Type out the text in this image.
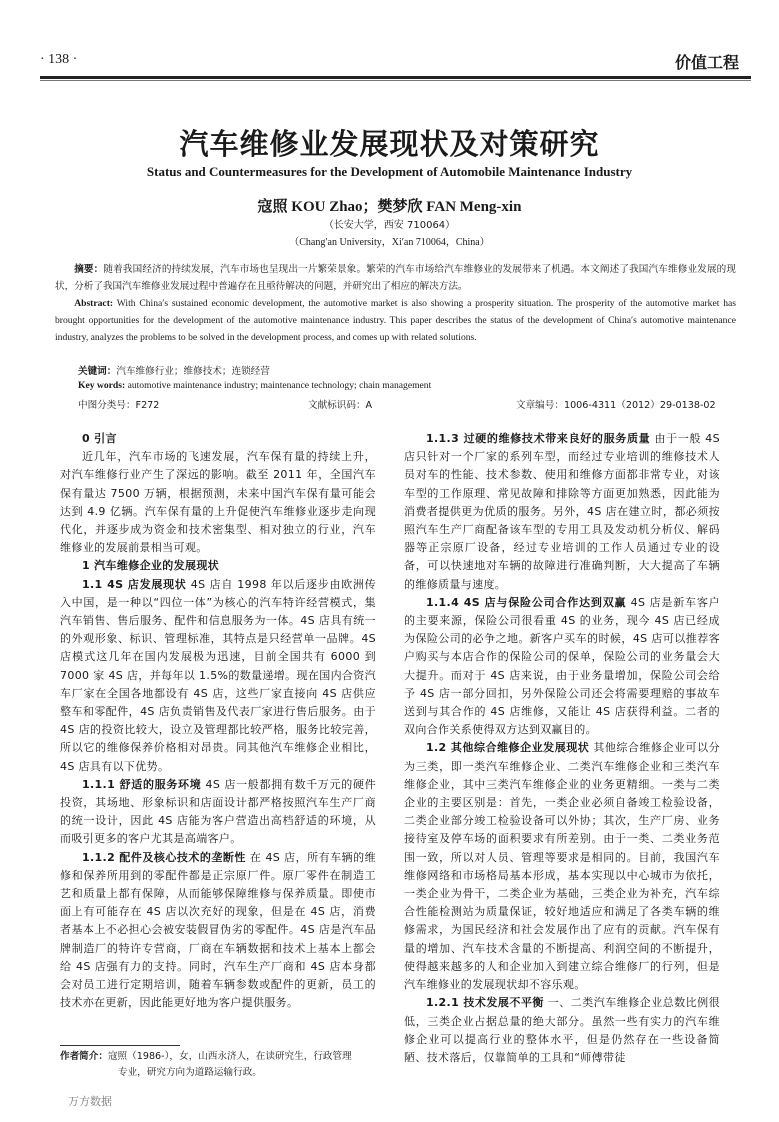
· 138 ·	价值工程
汽车维修业发展现状及对策研究
Status and Countermeasures for the Development of Automobile Maintenance Industry
寇照 KOU Zhao；樊梦欣 FAN Meng-xin
（长安大学，西安 710064）
（Chang′an University，Xi′an 710064，China）
摘要：随着我国经济的持续发展，汽车市场也呈现出一片繁荣景象。繁荣的汽车市场给汽车维修业的发展带来了机遇。本文阐述了我国汽车维修业发展的现状，分析了我国汽车维修业发展过程中普遍存在且亟待解决的问题，并研究出了相应的解决方法。
Abstract: With China′s sustained economic development, the automotive market is also showing a prosperity situation. The prosperity of the automotive market has brought opportunities for the development of the automotive maintenance industry. This paper describes the status of the development of China′s automotive maintenance industry, analyzes the problems to be solved in the development process, and comes up with related solutions.
关键词：汽车维修行业；维修技术；连锁经营
Key words: automotive maintenance industry; maintenance technology; chain management
中图分类号：F272	文献标识码：A	文章编号：1006-4311（2012）29-0138-02

0 引言

近几年，汽车市场的飞速发展，汽车保有量的持续上升，对汽车维修行业产生了深远的影响。截至 2011 年，全国汽车保有量达 7500 万辆，根据预测，未来中国汽车保有量可能会达到 4.9 亿辆。汽车保有量的上升促使汽车维修业逐步走向现代化，并逐步成为资金和技术密集型、相对独立的行业，汽车维修业的发展前景相当可观。

1 汽车维修企业的发展现状

1.1 4S 店发展现状 4S 店自 1998 年以后逐步由欧洲传入中国，是一种以“四位一体”为核心的汽车特许经营模式，集汽车销售、售后服务、配件和信息服务为一体。4S 店具有统一的外观形象、标识、管理标准，其特点是只经营单一品牌。4S 店模式这几年在国内发展极为迅速，目前全国共有 6000 到 7000 家 4S 店，并每年以 1.5%的数量递增。现在国内合资汽车厂家在全国各地都设有 4S 店，这些厂家直接向 4S 店供应整车和零配件，4S 店负责销售及代表厂家进行售后服务。由于 4S 店的投资比较大，设立及管理都比较严格，服务比较完善，所以它的维修保养价格相对昂贵。同其他汽车维修企业相比，4S 店具有以下优势。

1.1.1 舒适的服务环境 4S 店一般都拥有数千万元的硬件投资，其场地、形象标识和店面设计都严格按照汽车生产厂商的统一设计，因此 4S 店能为客户营造出高档舒适的环境，从而吸引更多的客户尤其是高端客户。

1.1.2 配件及核心技术的垄断性 在 4S 店，所有车辆的维修和保养所用到的零配件都是正宗原厂件。原厂零件在制造工艺和质量上都有保障，从而能够保障维修与保养质量。即使市面上有可能存在 4S 店以次充好的现象，但是在 4S 店，消费者基本上不必担心会被安装假冒伪劣的零配件。4S 店是汽车品牌制造厂的特许专营商，厂商在车辆数据和技术上基本上都会给 4S 店强有力的支持。同时，汽车生产厂商和 4S 店本身都会对员工进行定期培训，随着车辆参数或配件的更新，员工的技术亦在更新，因此能更好地为客户提供服务。

1.1.3 过硬的维修技术带来良好的服务质量 由于一般 4S 店只针对一个厂家的系列车型，而经过专业培训的维修技术人员对车的性能、技术参数、使用和维修方面都非常专业，对该车型的工作原理、常见故障和排除等方面更加熟悉，因此能为消费者提供更为优质的服务。另外，4S 店在建立时，都必须按照汽车生产厂商配备该车型的专用工具及发动机分析仪、解码器等正宗原厂设备，经过专业培训的工作人员通过专业的设备，可以快速地对车辆的故障进行准确判断，大大提高了车辆的维修质量与速度。

1.1.4 4S 店与保险公司合作达到双赢 4S 店是新车客户的主要来源，保险公司很看重 4S 的业务，现今 4S 店已经成为保险公司的必争之地。新客户买车的时候，4S 店可以推荐客户购买与本店合作的保险公司的保单，保险公司的业务量会大大提升。而对于 4S 店来说，由于业务量增加，保险公司会给予 4S 店一部分回扣，另外保险公司还会将需要理赔的事故车送到与其合作的 4S 店维修，又能让 4S 店获得利益。二者的双向合作关系使得双方达到双赢目的。

1.2 其他综合维修企业发展现状 其他综合维修企业可以分为三类，即一类汽车维修企业、二类汽车维修企业和三类汽车维修企业，其中三类汽车维修企业的业务更精细。一类与二类企业的主要区别是：首先，一类企业必须自备竣工检验设备，二类企业部分竣工检验设备可以外协；其次，生产厂房、业务接待室及停车场的面积要求有所差别。由于一类、二类业务范围一致，所以对人员、管理等要求是相同的。目前，我国汽车维修网络和市场格局基本形成，基本实现以中心城市为依托，一类企业为骨干，二类企业为基础，三类企业为补充，汽车综合性能检测站为质量保证，较好地适应和满足了各类车辆的维修需求，为国民经济和社会发展作出了应有的贡献。汽车保有量的增加、汽车技术含量的不断提高、利润空间的不断提升，使得越来越多的人和企业加入到建立综合维修厂的行列，但是汽车维修业的发展现状却不容乐观。

1.2.1 技术发展不平衡 一、二类汽车维修企业总数比例很低，三类企业占据总量的绝大部分。虽然一些有实力的汽车维修企业可以提高行业的整体水平，但是仍然存在一些设备简陋、技术落后，仅靠简单的工具和“师傅带徒

作者简介：寇照（1986-），女，山西永济人，在读研究生，行政管理
专业，研究方向为道路运输行政。
万方数据
